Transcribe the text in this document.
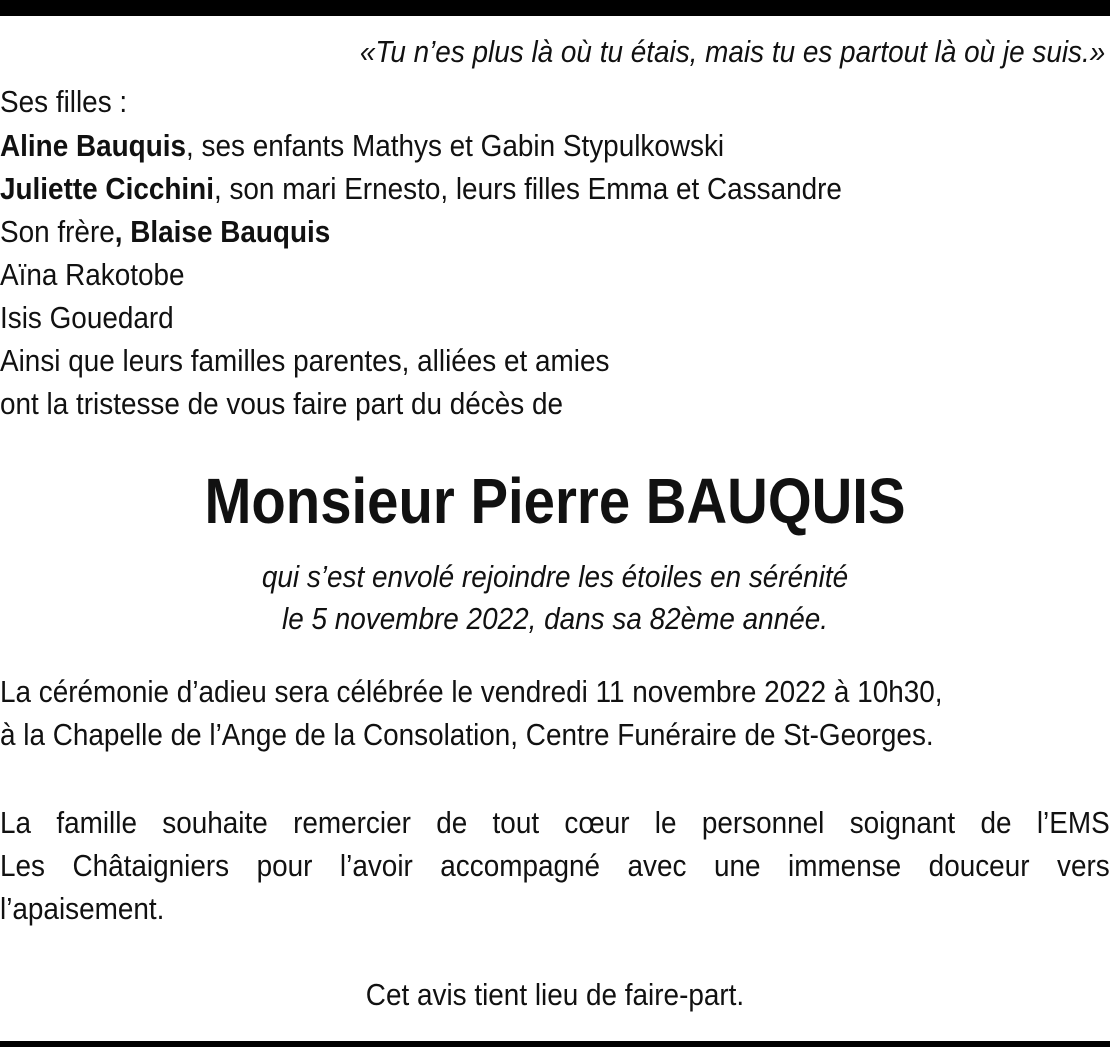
«Tu n’es plus là où tu étais, mais tu es partout là où je suis.»
Ses filles :
Aline Bauquis, ses enfants Mathys et Gabin Stypulkowski
Juliette Cicchini, son mari Ernesto, leurs filles Emma et Cassandre
Son frère, Blaise Bauquis
Aïna Rakotobe
Isis Gouedard
Ainsi que leurs familles parentes, alliées et amies
ont la tristesse de vous faire part du décès de
Monsieur Pierre BAUQUIS
qui s’est envolé rejoindre les étoiles en sérénité
le 5 novembre 2022, dans sa 82ème année.
La cérémonie d’adieu sera célébrée le vendredi 11 novembre 2022 à 10h30,
à la Chapelle de l’Ange de la Consolation, Centre Funéraire de St-Georges.
La famille souhaite remercier de tout cœur le personnel soignant de l’EMS
Les Châtaigniers pour l’avoir accompagné avec une immense douceur vers
l’apaisement.
Cet avis tient lieu de faire-part.
